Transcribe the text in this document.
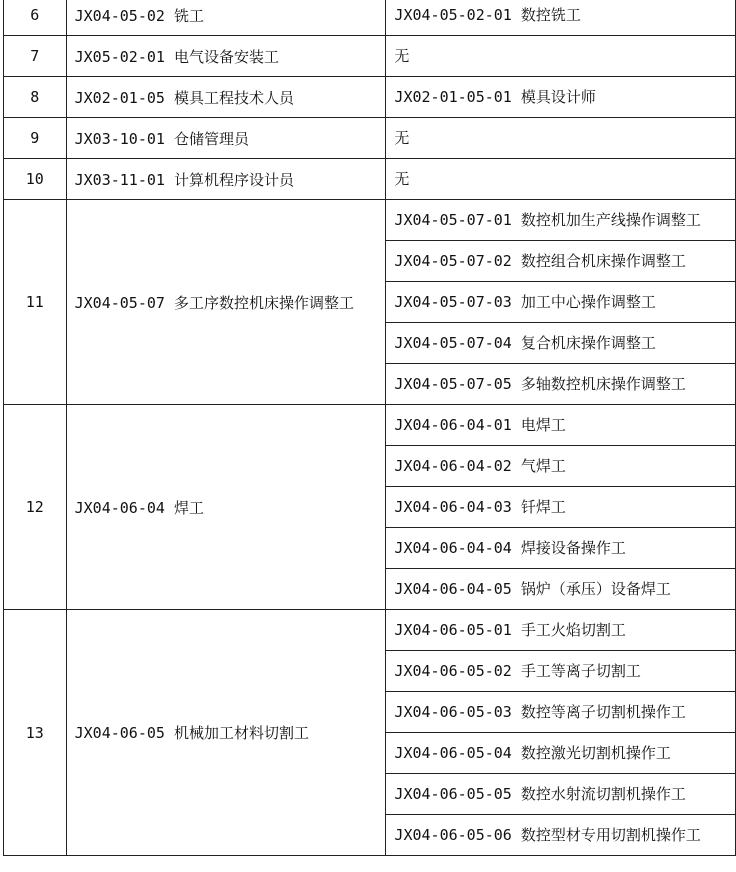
6	JX04-05-02 铣工	JX04-05-02-01 数控铣工
7	JX05-02-01 电气设备安装工	无
8	JX02-01-05 模具工程技术人员	JX02-01-05-01 模具设计师
9	JX03-10-01 仓储管理员	无
10	JX03-11-01 计算机程序设计员	无
11	JX04-05-07 多工序数控机床操作调整工	JX04-05-07-01 数控机加生产线操作调整工
		JX04-05-07-02 数控组合机床操作调整工
		JX04-05-07-03 加工中心操作调整工
		JX04-05-07-04 复合机床操作调整工
		JX04-05-07-05 多轴数控机床操作调整工
12	JX04-06-04 焊工	JX04-06-04-01 电焊工
		JX04-06-04-02 气焊工
		JX04-06-04-03 钎焊工
		JX04-06-04-04 焊接设备操作工
		JX04-06-04-05 锅炉（承压）设备焊工
13	JX04-06-05 机械加工材料切割工	JX04-06-05-01 手工火焰切割工
		JX04-06-05-02 手工等离子切割工
		JX04-06-05-03 数控等离子切割机操作工
		JX04-06-05-04 数控激光切割机操作工
		JX04-06-05-05 数控水射流切割机操作工
		JX04-06-05-06 数控型材专用切割机操作工
